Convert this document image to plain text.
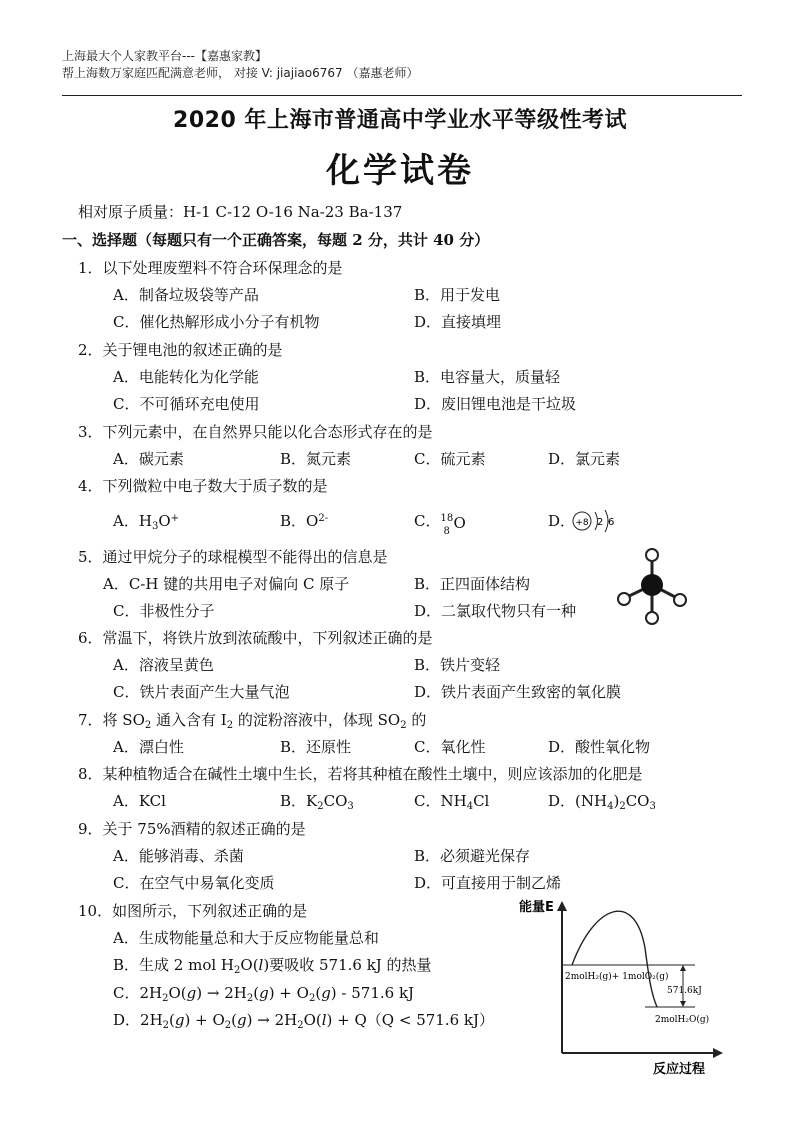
上海最大个人家教平台---【嘉惠家教】
帮上海数万家庭匹配满意老师， 对接 V: jiajiao6767 （嘉惠老师）
2020 年上海市普通高中学业水平等级性考试
化学试卷
相对原子质量：H-1 C-12 O-16 Na-23 Ba-137
一、选择题（每题只有一个正确答案，每题 2 分，共计 40 分）
1．以下处理废塑料不符合环保理念的是
A．制备垃圾袋等产品	B．用于发电
C．催化热解形成小分子有机物	D．直接填埋
2．关于锂电池的叙述正确的是
A．电能转化为化学能	B．电容量大，质量轻
C．不可循环充电使用	D．废旧锂电池是干垃圾
3．下列元素中，在自然界只能以化合态形式存在的是
A．碳元素	B．氮元素	C．硫元素	D．氯元素
4．下列微粒中电子数大于质子数的是
A．$H_3O^+$	B．$O^{2-}$	C． 18
8 O	D． +8 2 6
5．通过甲烷分子的球棍模型不能得出的信息是
A．C-H 键的共用电子对偏向 C 原子	B．正四面体结构
C．非极性分子	D．二氯取代物只有一种
6．常温下，将铁片放到浓硫酸中，下列叙述正确的是
A．溶液呈黄色	B．铁片变轻
C．铁片表面产生大量气泡	D．铁片表面产生致密的氧化膜
7．将 $SO_2$ 通入含有 $I_2$ 的淀粉溶液中，体现 $SO_2$ 的
A．漂白性	B．还原性	C．氧化性	D．酸性氧化物
8．某种植物适合在碱性土壤中生长，若将其种植在酸性土壤中，则应该添加的化肥是
A．KCl	B．$K_2CO_3$	C．$NH_4Cl$	D．$(NH_4)_2CO_3$
9．关于 75%酒精的叙述正确的是
A．能够消毒、杀菌	B．必须避光保存
C．在空气中易氧化变质	D．可直接用于制乙烯
10．如图所示，下列叙述正确的是
A．生成物能量总和大于反应物能量总和
B．生成 2 mol $H_2O(l)$要吸收 571.6 kJ 的热量
C．$2H_2O(g) \to 2H_2(g) + O_2(g) - 571.6$ kJ
D．$2H_2(g) + O_2(g) \to 2H_2O(l) + Q(Q < 571.6$ kJ）
能量E
反应过程
2molH₂(g)+ 1molO₂(g)
2molH₂O(g)
571.6kJ
